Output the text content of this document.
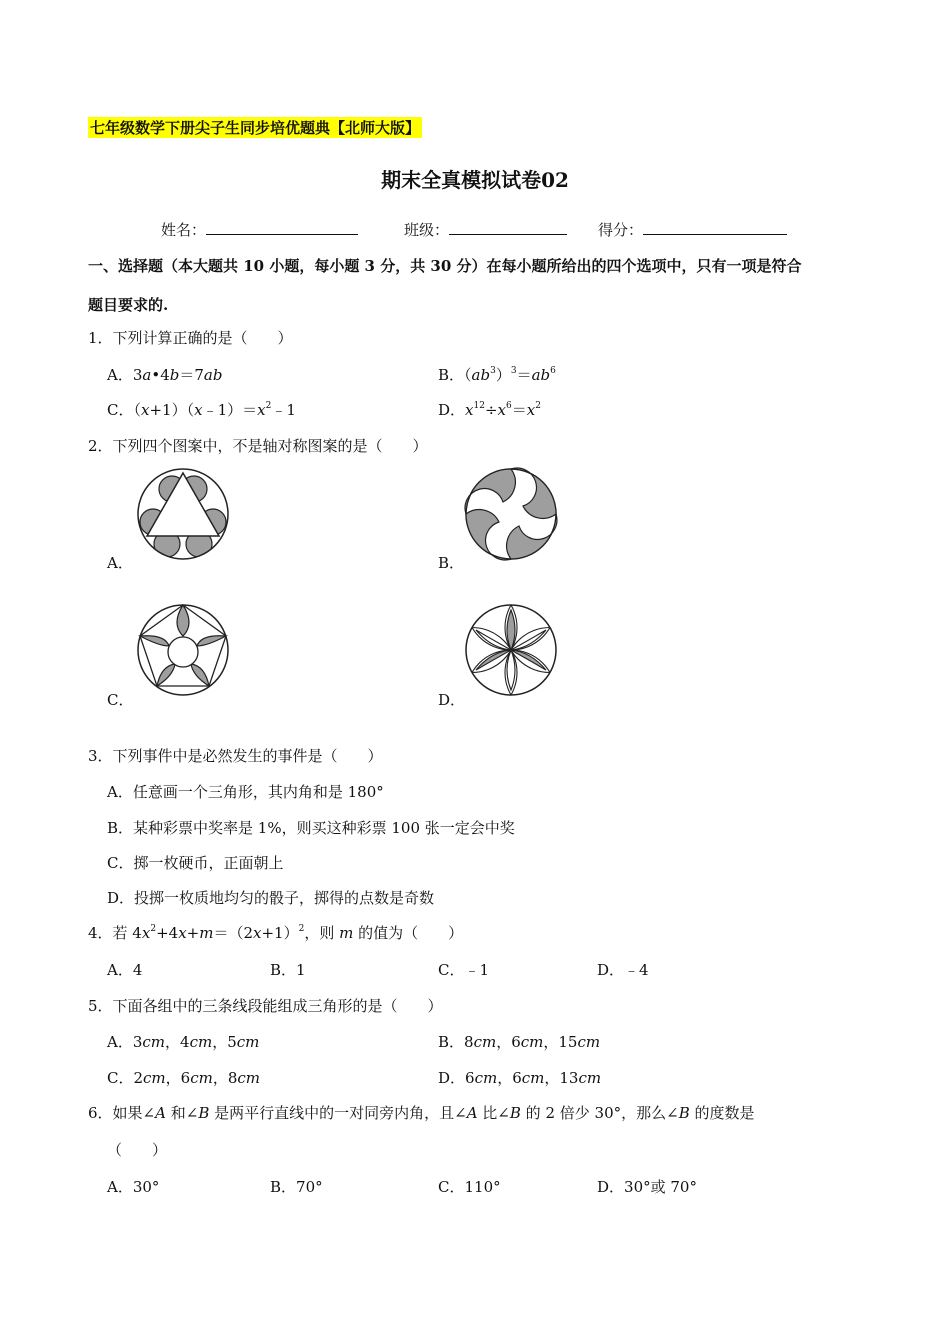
七年级数学下册尖子生同步培优题典【北师大版】
期末全真模拟试卷02
姓名：	班级：	得分：
一、选择题（本大题共 10 小题，每小题 3 分，共 30 分）在每小题所给出的四个选项中，只有一项是符合
题目要求的.
1．下列计算正确的是（　　）
A．3a•4b＝7ab	B．$(ab^3)^3=ab^6$
C．$(x+1)(x﹣1)=x^2﹣1$	D．$x^{12}\div x^6=x^2$
2．下列四个图案中，不是轴对称图案的是（　　）
A．	B．
C．	D．
3．下列事件中是必然发生的事件是（　　）
A．任意画一个三角形，其内角和是 180°
B．某种彩票中奖率是 1%，则买这种彩票 100 张一定会中奖
C．掷一枚硬币，正面朝上
D．投掷一枚质地均匀的骰子，掷得的点数是奇数
4．若 $4x^2+4x+m=(2x+1)^2$，则 m 的值为（　　）
A．4	B．1	C．﹣1	D．﹣4
5．下面各组中的三条线段能组成三角形的是（　　）
A．3cm，4cm，5cm	B．8cm，6cm，15cm
C．2cm，6cm，8cm	D．6cm，6cm，13cm
6．如果∠A 和∠B 是两平行直线中的一对同旁内角，且∠A 比∠B 的 2 倍少 30°，那么∠B 的度数是
（　　）
A．30°	B．70°	C．110°	D．30°或 70°
